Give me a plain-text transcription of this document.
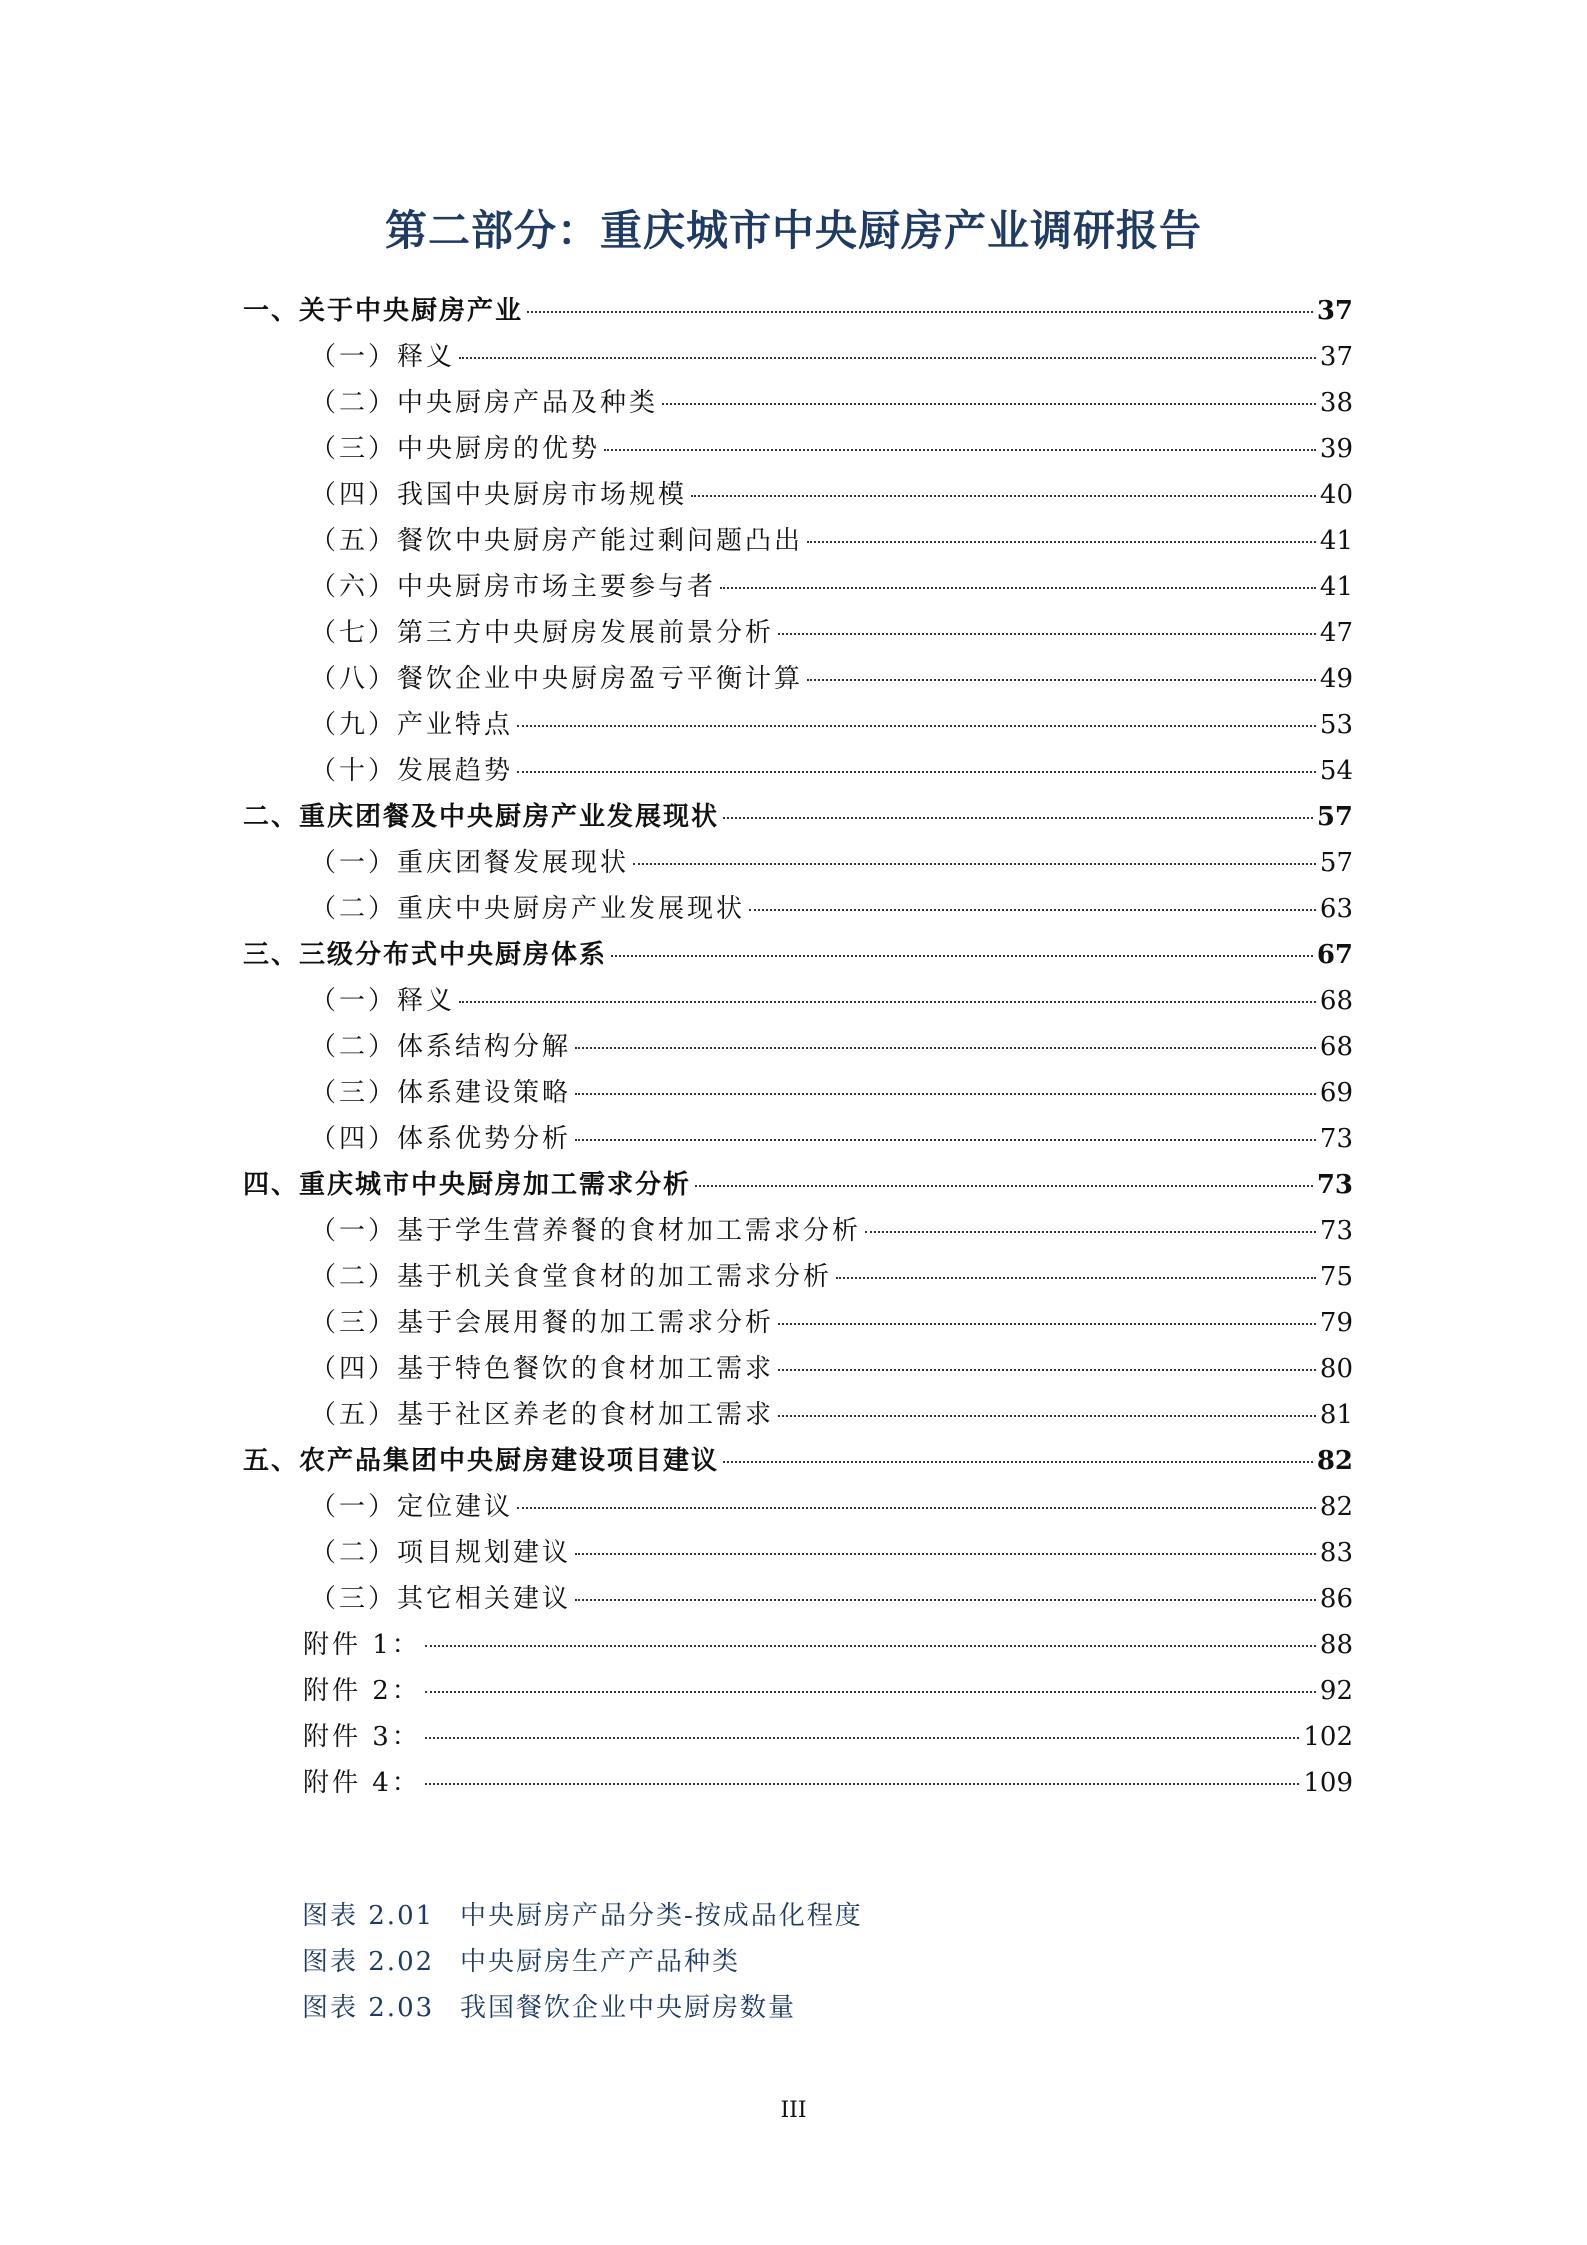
第二部分：重庆城市中央厨房产业调研报告
一、关于中央厨房产业	37
（一）释义	37
（二）中央厨房产品及种类	38
（三）中央厨房的优势	39
（四）我国中央厨房市场规模	40
（五）餐饮中央厨房产能过剩问题凸出	41
（六）中央厨房市场主要参与者	41
（七）第三方中央厨房发展前景分析	47
（八）餐饮企业中央厨房盈亏平衡计算	49
（九）产业特点	53
（十）发展趋势	54
二、重庆团餐及中央厨房产业发展现状	57
（一）重庆团餐发展现状	57
（二）重庆中央厨房产业发展现状	63
三、三级分布式中央厨房体系	67
（一）释义	68
（二）体系结构分解	68
（三）体系建设策略	69
（四）体系优势分析	73
四、重庆城市中央厨房加工需求分析	73
（一）基于学生营养餐的食材加工需求分析	73
（二）基于机关食堂食材的加工需求分析	75
（三）基于会展用餐的加工需求分析	79
（四）基于特色餐饮的食材加工需求	80
（五）基于社区养老的食材加工需求	81
五、农产品集团中央厨房建设项目建议	82
（一）定位建议	82
（二）项目规划建议	83
（三）其它相关建议	86
附件 1：	88
附件 2：	92
附件 3：	102
附件 4：	109
图表 2.01 中央厨房产品分类-按成品化程度
图表 2.02 中央厨房生产产品种类
图表 2.03 我国餐饮企业中央厨房数量
III
